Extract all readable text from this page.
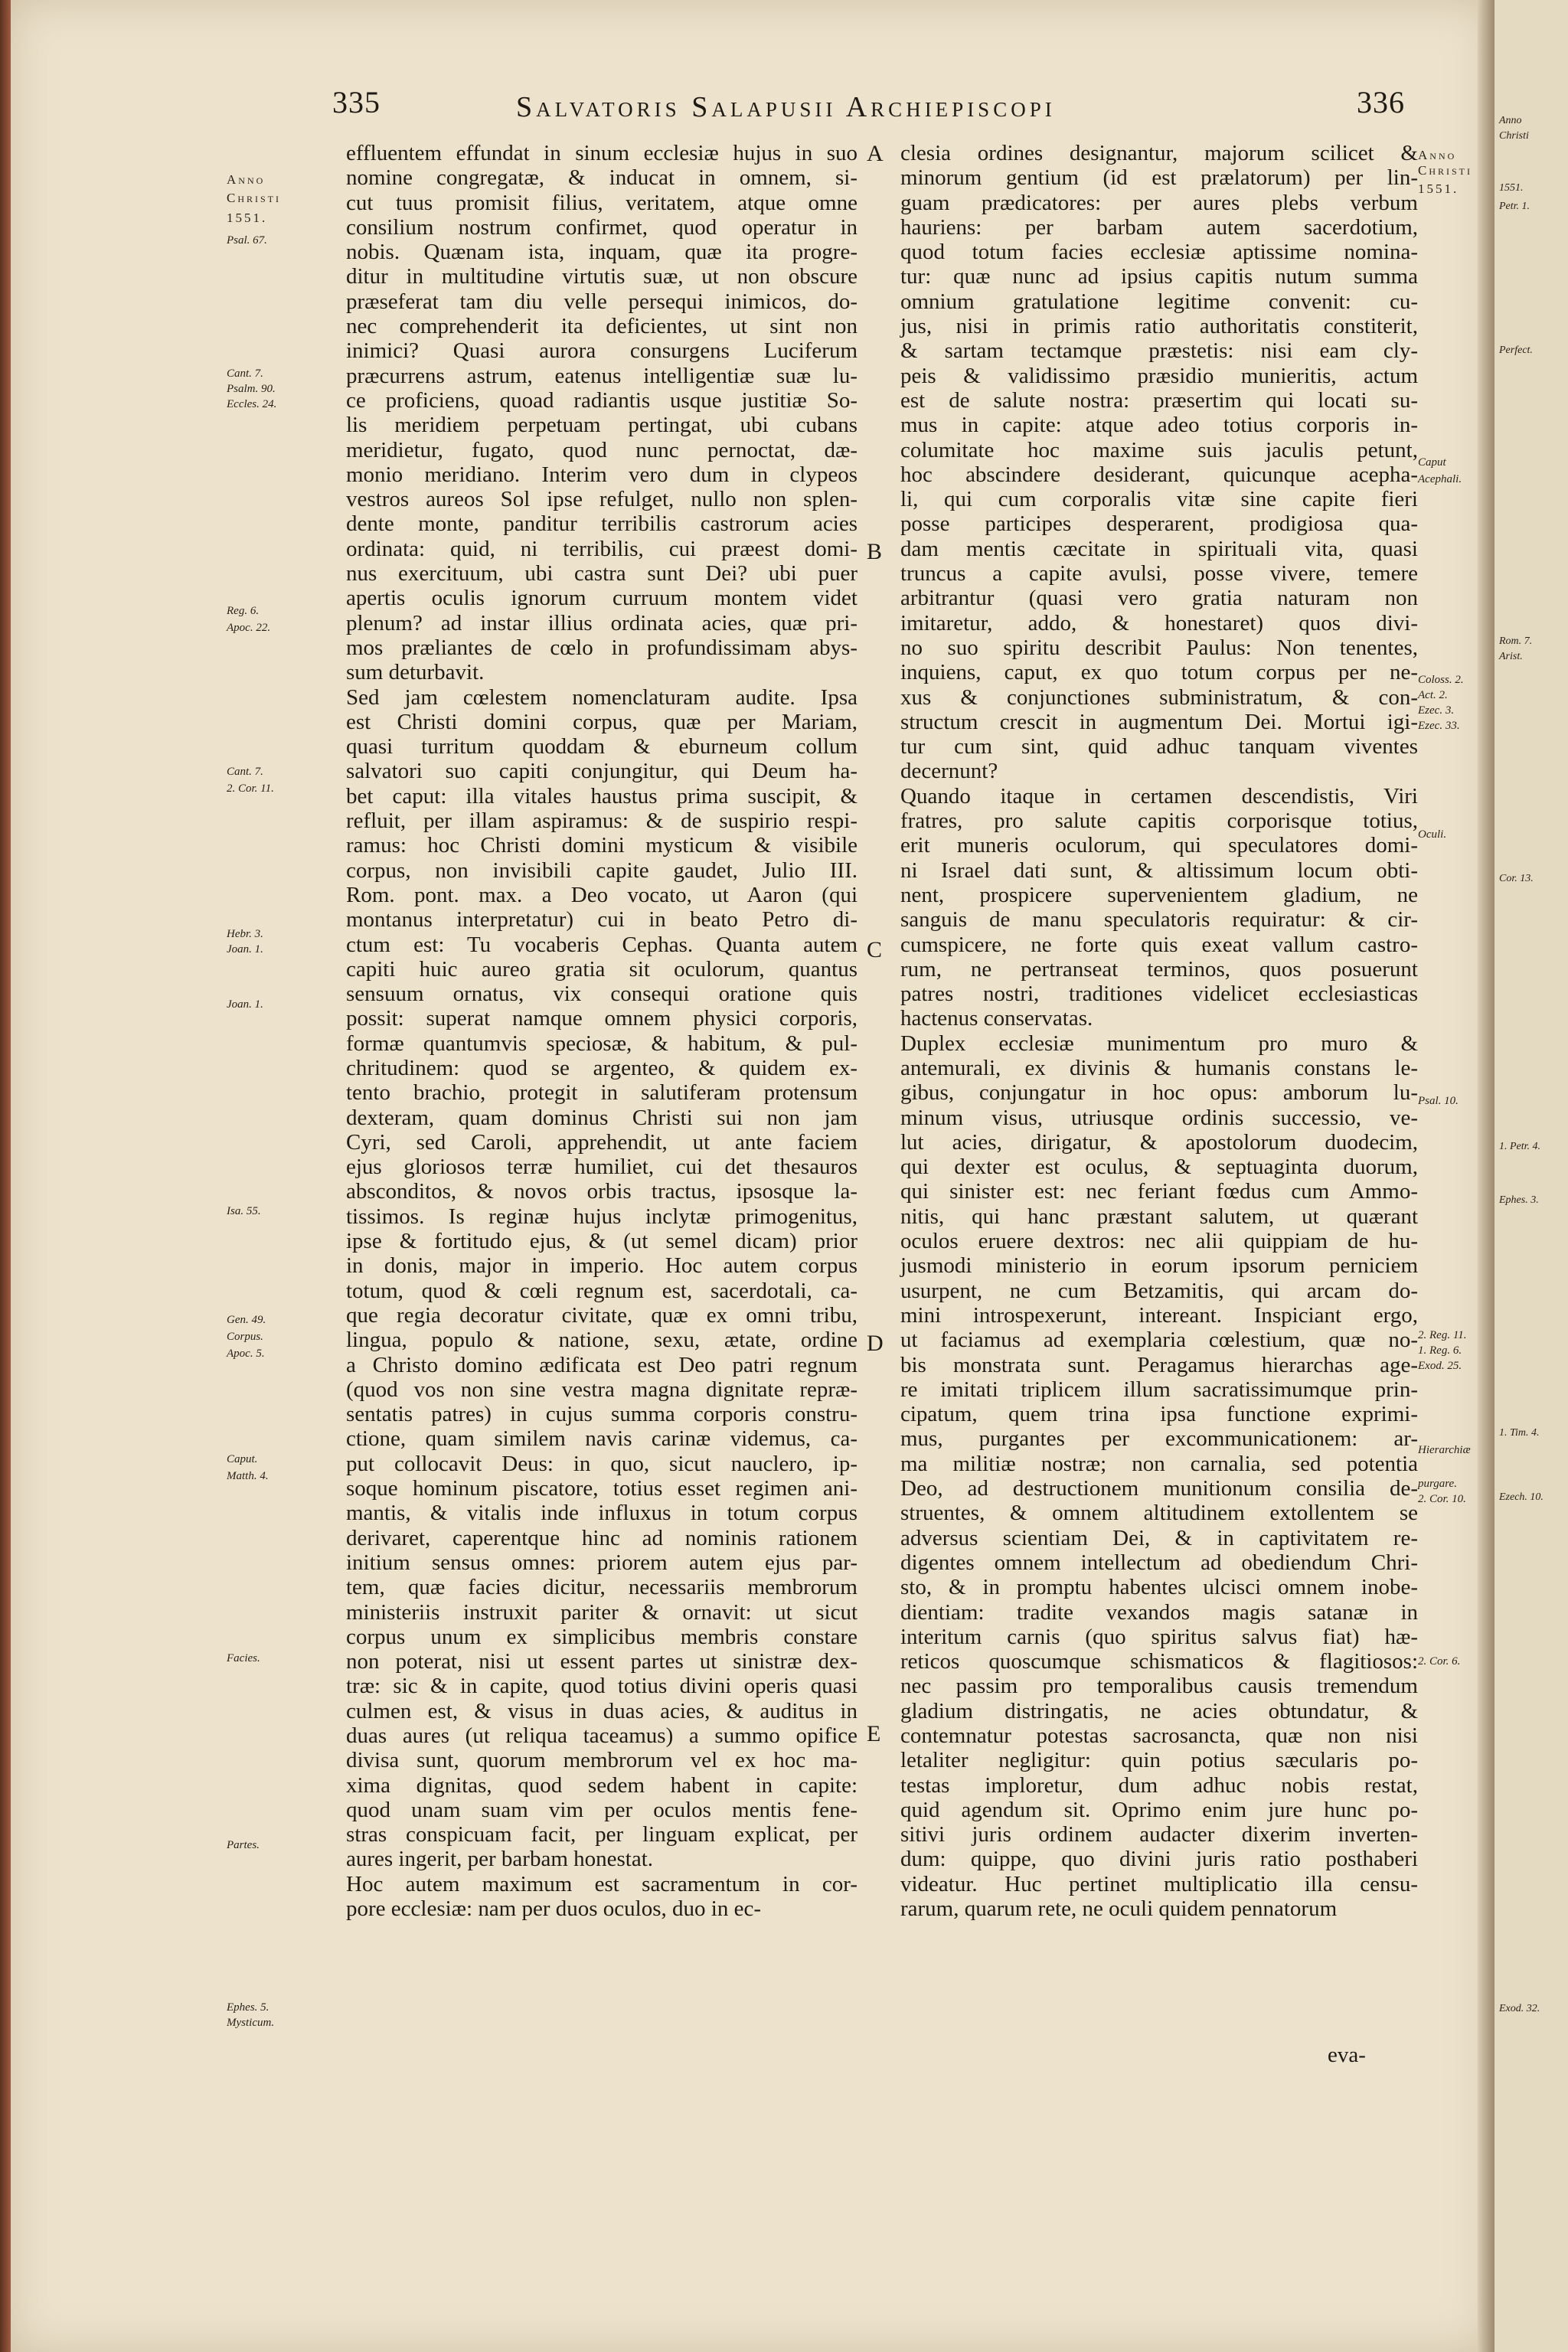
335	Salvatoris Salapusii Archiepiscopi	336
effluentem effundat in sinum ecclesiæ hujus in suo
nomine congregatæ, & inducat in omnem, si-
cut tuus promisit filius, veritatem, atque omne
consilium nostrum confirmet, quod operatur in
nobis. Quænam ista, inquam, quæ ita progre-
ditur in multitudine virtutis suæ, ut non obscure
præseferat tam diu velle persequi inimicos, do-
nec comprehenderit ita deficientes, ut sint non
inimici? Quasi aurora consurgens Luciferum
præcurrens astrum, eatenus intelligentiæ suæ lu-
ce proficiens, quoad radiantis usque justitiæ So-
lis meridiem perpetuam pertingat, ubi cubans
meridietur, fugato, quod nunc pernoctat, dæ-
monio meridiano. Interim vero dum in clypeos
vestros aureos Sol ipse refulget, nullo non splen-
dente monte, panditur terribilis castrorum acies
ordinata: quid, ni terribilis, cui præest domi-
nus exercituum, ubi castra sunt Dei? ubi puer
apertis oculis ignorum curruum montem videt
plenum? ad instar illius ordinata acies, quæ pri-
mos præliantes de cœlo in profundissimam abys-
sum deturbavit.
Sed jam cœlestem nomenclaturam audite. Ipsa
est Christi domini corpus, quæ per Mariam,
quasi turritum quoddam & eburneum collum
salvatori suo capiti conjungitur, qui Deum ha-
bet caput: illa vitales haustus prima suscipit, &
refluit, per illam aspiramus: & de suspirio respi-
ramus: hoc Christi domini mysticum & visibile
corpus, non invisibili capite gaudet, Julio III.
Rom. pont. max. a Deo vocato, ut Aaron (qui
montanus interpretatur) cui in beato Petro di-
ctum est: Tu vocaberis Cephas. Quanta autem
capiti huic aureo gratia sit oculorum, quantus
sensuum ornatus, vix consequi oratione quis
possit: superat namque omnem physici corporis,
formæ quantumvis speciosæ, & habitum, & pul-
chritudinem: quod se argenteo, & quidem ex-
tento brachio, protegit in salutiferam protensum
dexteram, quam dominus Christi sui non jam
Cyri, sed Caroli, apprehendit, ut ante faciem
ejus gloriosos terræ humiliet, cui det thesauros
absconditos, & novos orbis tractus, ipsosque la-
tissimos. Is reginæ hujus inclytæ primogenitus,
ipse & fortitudo ejus, & (ut semel dicam) prior
in donis, major in imperio. Hoc autem corpus
totum, quod & cœli regnum est, sacerdotali, ca-
que regia decoratur civitate, quæ ex omni tribu,
lingua, populo & natione, sexu, ætate, ordine
a Christo domino ædificata est Deo patri regnum
(quod vos non sine vestra magna dignitate repræ-
sentatis patres) in cujus summa corporis constru-
ctione, quam similem navis carinæ videmus, ca-
put collocavit Deus: in quo, sicut nauclero, ip-
soque hominum piscatore, totius esset regimen ani-
mantis, & vitalis inde influxus in totum corpus
derivaret, caperentque hinc ad nominis rationem
initium sensus omnes: priorem autem ejus par-
tem, quæ facies dicitur, necessariis membrorum
ministeriis instruxit pariter & ornavit: ut sicut
corpus unum ex simplicibus membris constare
non poterat, nisi ut essent partes ut sinistræ dex-
træ: sic & in capite, quod totius divini operis quasi
culmen est, & visus in duas acies, & auditus in
duas aures (ut reliqua taceamus) a summo opifice
divisa sunt, quorum membrorum vel ex hoc ma-
xima dignitas, quod sedem habent in capite:
quod unam suam vim per oculos mentis fene-
stras conspicuam facit, per linguam explicat, per
aures ingerit, per barbam honestat.
Hoc autem maximum est sacramentum in cor-
pore ecclesiæ: nam per duos oculos, duo in ec-
clesia ordines designantur, majorum scilicet &
minorum gentium (id est prælatorum) per lin-
guam prædicatores: per aures plebs verbum
hauriens: per barbam autem sacerdotium,
quod totum facies ecclesiæ aptissime nomina-
tur: quæ nunc ad ipsius capitis nutum summa
omnium gratulatione legitime convenit: cu-
jus, nisi in primis ratio authoritatis constiterit,
& sartam tectamque præstetis: nisi eam cly-
peis & validissimo præsidio munieritis, actum
est de salute nostra: præsertim qui locati su-
mus in capite: atque adeo totius corporis in-
columitate hoc maxime suis jaculis petunt,
hoc abscindere desiderant, quicunque acepha-
li, qui cum corporalis vitæ sine capite fieri
posse participes desperarent, prodigiosa qua-
dam mentis cæcitate in spirituali vita, quasi
truncus a capite avulsi, posse vivere, temere
arbitrantur (quasi vero gratia naturam non
imitaretur, addo, & honestaret) quos divi-
no suo spiritu describit Paulus: Non tenentes,
inquiens, caput, ex quo totum corpus per ne-
xus & conjunctiones subministratum, & con-
structum crescit in augmentum Dei. Mortui igi-
tur cum sint, quid adhuc tanquam viventes
decernunt?
Quando itaque in certamen descendistis, Viri
fratres, pro salute capitis corporisque totius,
erit muneris oculorum, qui speculatores domi-
ni Israel dati sunt, & altissimum locum obti-
nent, prospicere supervenientem gladium, ne
sanguis de manu speculatoris requiratur: & cir-
cumspicere, ne forte quis exeat vallum castro-
rum, ne pertranseat terminos, quos posuerunt
patres nostri, traditiones videlicet ecclesiasticas
hactenus conservatas.
Duplex ecclesiæ munimentum pro muro &
antemurali, ex divinis & humanis constans le-
gibus, conjungatur in hoc opus: amborum lu-
minum visus, utriusque ordinis successio, ve-
lut acies, dirigatur, & apostolorum duodecim,
qui dexter est oculus, & septuaginta duorum,
qui sinister est: nec feriant fœdus cum Ammo-
nitis, qui hanc præstant salutem, ut quærant
oculos eruere dextros: nec alii quippiam de hu-
jusmodi ministerio in eorum ipsorum perniciem
usurpent, ne cum Betzamitis, qui arcam do-
mini introspexerunt, intereant. Inspiciant ergo,
ut faciamus ad exemplaria cœlestium, quæ no-
bis monstrata sunt. Peragamus hierarchas age-
re imitati triplicem illum sacratissimumque prin-
cipatum, quem trina ipsa functione exprimi-
mus, purgantes per excommunicationem: ar-
ma militiæ nostræ; non carnalia, sed potentia
Deo, ad destructionem munitionum consilia de-
struentes, & omnem altitudinem extollentem se
adversus scientiam Dei, & in captivitatem re-
digentes omnem intellectum ad obediendum Chri-
sto, & in promptu habentes ulcisci omnem inobe-
dientiam: tradite vexandos magis satanæ in
interitum carnis (quo spiritus salvus fiat) hæ-
reticos quoscumque schismaticos & flagitiosos:
nec passim pro temporalibus causis tremendum
gladium distringatis, ne acies obtundatur, &
contemnatur potestas sacrosancta, quæ non nisi
letaliter negligitur: quin potius sæcularis po-
testas imploretur, dum adhuc nobis restat,
quid agendum sit. Oprimo enim jure hunc po-
sitivi juris ordinem audacter dixerim inverten-
dum: quippe, quo divini juris ratio posthaberi
videatur. Huc pertinet multiplicatio illa censu-
rarum, quarum rete, ne oculi quidem pennatorum
A
B
C
D
E
Anno
Christi
1551.
Psal. 67.
Cant. 7.
Psalm. 90.
Eccles. 24.
Reg. 6.
Apoc. 22.
Cant. 7.
2. Cor. 11.
Hebr. 3.
Joan. 1.
Joan. 1.
Isa. 55.
Gen. 49.
Corpus.
Apoc. 5.
Caput.
Matth. 4.
Facies.
Partes.
Ephes. 5.
Mysticum.
Anno
Christi
1551.
Caput
Acephali.
Coloss. 2.
Act. 2.
Ezec. 3.
Ezec. 33.
Oculi.
Psal. 10.
2. Reg. 11.
1. Reg. 6.
Exod. 25.
Hierarchiæ
purgare.
2. Cor. 10.
2. Cor. 6.
eva-
Anno
Christi
1551.
Petr. 1.
Perfect.
Rom. 7.
Arist.
Cor. 13.
1. Petr. 4.
Ephes. 3.
1. Tim. 4.
Ezech. 10.
Exod. 32.
